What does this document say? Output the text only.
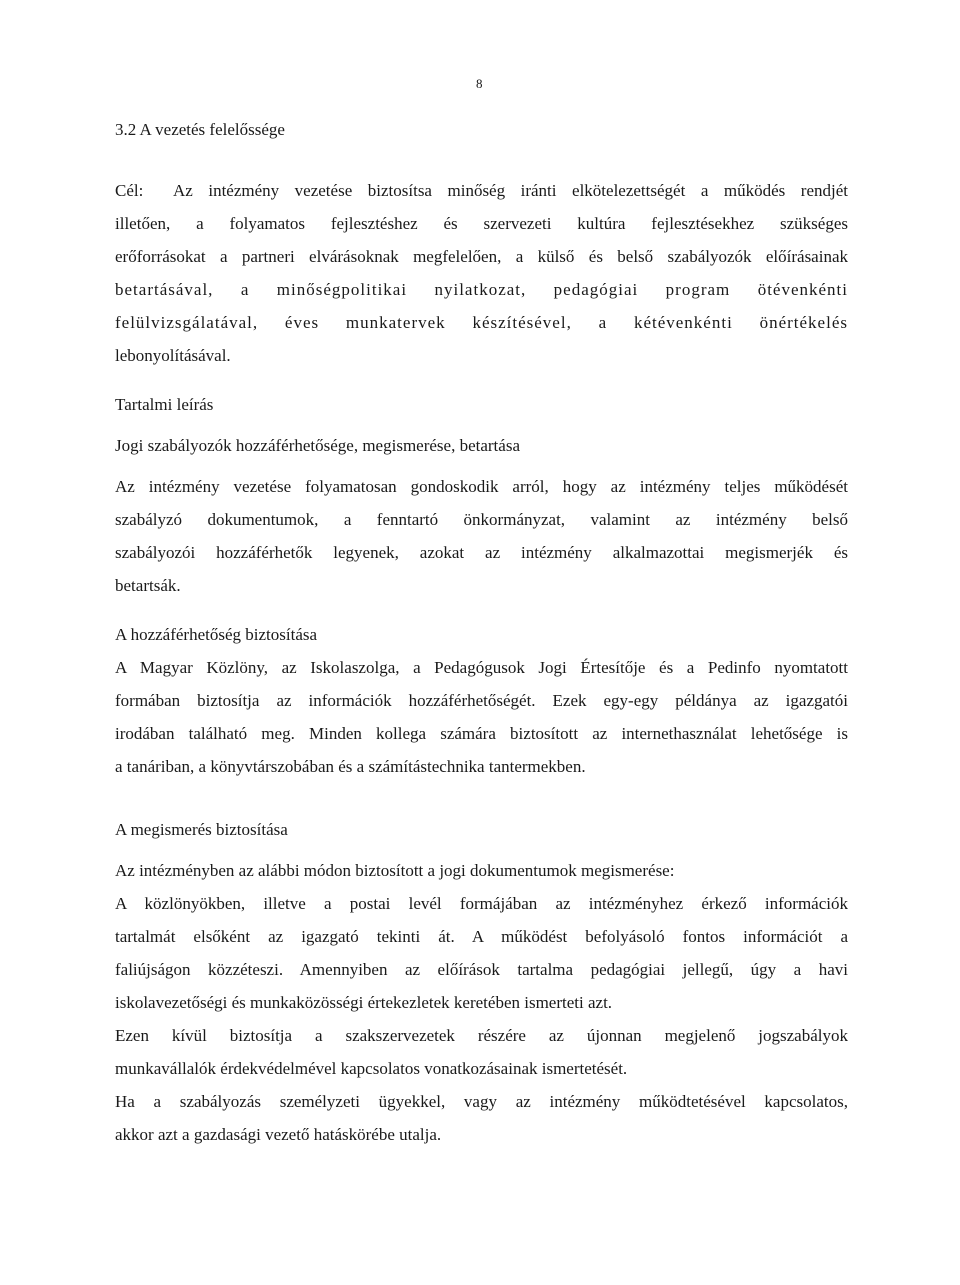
8
3.2 A vezetés felelőssége
Cél:	Az intézmény vezetése biztosítsa minőség iránti elkötelezettségét a működés rendjét
illetően, a folyamatos fejlesztéshez és szervezeti kultúra fejlesztésekhez szükséges
erőforrásokat a partneri elvárásoknak megfelelően, a külső és belső szabályozók előírásainak
betartásával, a minőségpolitikai nyilatkozat, pedagógiai program ötévenkénti
felülvizsgálatával, éves munkatervek készítésével, a kétévenkénti önértékelés
lebonyolításával.
Tartalmi leírás
Jogi szabályozók hozzáférhetősége, megismerése, betartása
Az intézmény vezetése folyamatosan gondoskodik arról, hogy az intézmény teljes működését
szabályzó dokumentumok, a fenntartó önkormányzat, valamint az intézmény belső
szabályozói hozzáférhetők legyenek, azokat az intézmény alkalmazottai megismerjék és
betartsák.
A hozzáférhetőség biztosítása
A Magyar Közlöny, az Iskolaszolga, a Pedagógusok Jogi Értesítője és a Pedinfo nyomtatott
formában biztosítja az információk hozzáférhetőségét. Ezek egy-egy példánya az igazgatói
irodában található meg. Minden kollega számára biztosított az internethasználat lehetősége is
a tanáriban, a könyvtárszobában és a számítástechnika tantermekben.
A megismerés biztosítása
Az intézményben az alábbi módon biztosított a jogi dokumentumok megismerése:
A közlönyökben, illetve a postai levél formájában az intézményhez érkező információk
tartalmát elsőként az igazgató tekinti át. A működést befolyásoló fontos információt a
faliújságon közzéteszi. Amennyiben az előírások tartalma pedagógiai jellegű, úgy a havi
iskolavezetőségi és munkaközösségi értekezletek keretében ismerteti azt.
Ezen kívül biztosítja a szakszervezetek részére az újonnan megjelenő jogszabályok
munkavállalók érdekvédelmével kapcsolatos vonatkozásainak ismertetését.
Ha a szabályozás személyzeti ügyekkel, vagy az intézmény működtetésével kapcsolatos,
akkor azt a gazdasági vezető hatáskörébe utalja.
